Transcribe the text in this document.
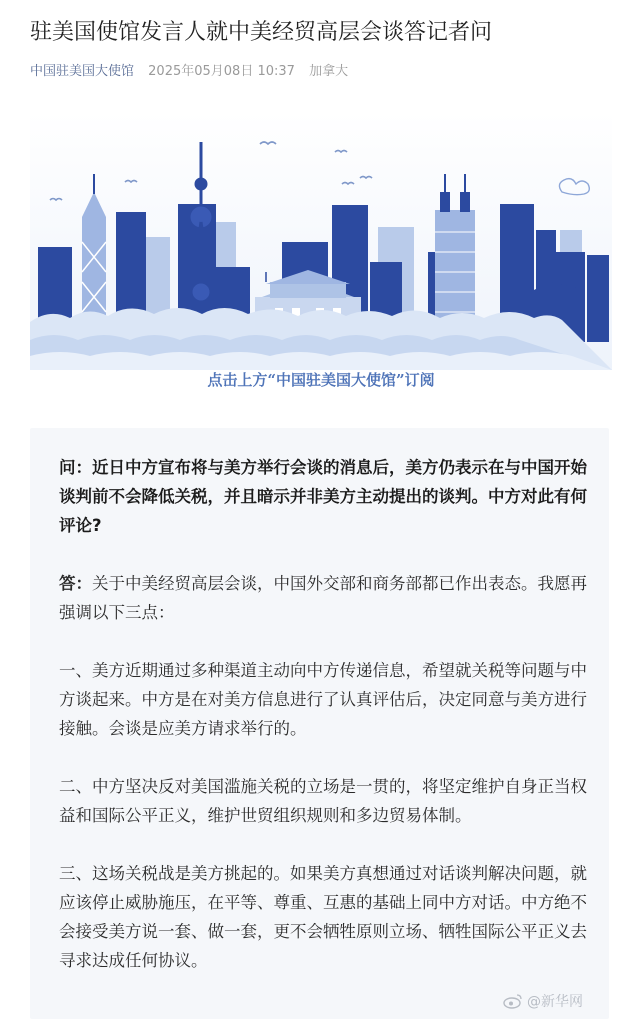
驻美国使馆发言人就中美经贸高层会谈答记者问
中国驻美国大使馆 2025年05月08日 10:37 加拿大
点击上方“中国驻美国大使馆”订阅

问：近日中方宣布将与美方举行会谈的消息后，美方仍表示在与中国开始谈判前不会降低关税，并且暗示并非美方主动提出的谈判。中方对此有何评论?

答：关于中美经贸高层会谈，中国外交部和商务部都已作出表态。我愿再强调以下三点：

一、美方近期通过多种渠道主动向中方传递信息，希望就关税等问题与中方谈起来。中方是在对美方信息进行了认真评估后，决定同意与美方进行接触。会谈是应美方请求举行的。

二、中方坚决反对美国滥施关税的立场是一贯的，将坚定维护自身正当权益和国际公平正义，维护世贸组织规则和多边贸易体制。

三、这场关税战是美方挑起的。如果美方真想通过对话谈判解决问题，就应该停止威胁施压，在平等、尊重、互惠的基础上同中方对话。中方绝不会接受美方说一套、做一套，更不会牺牲原则立场、牺牲国际公平正义去寻求达成任何协议。

@新华网
